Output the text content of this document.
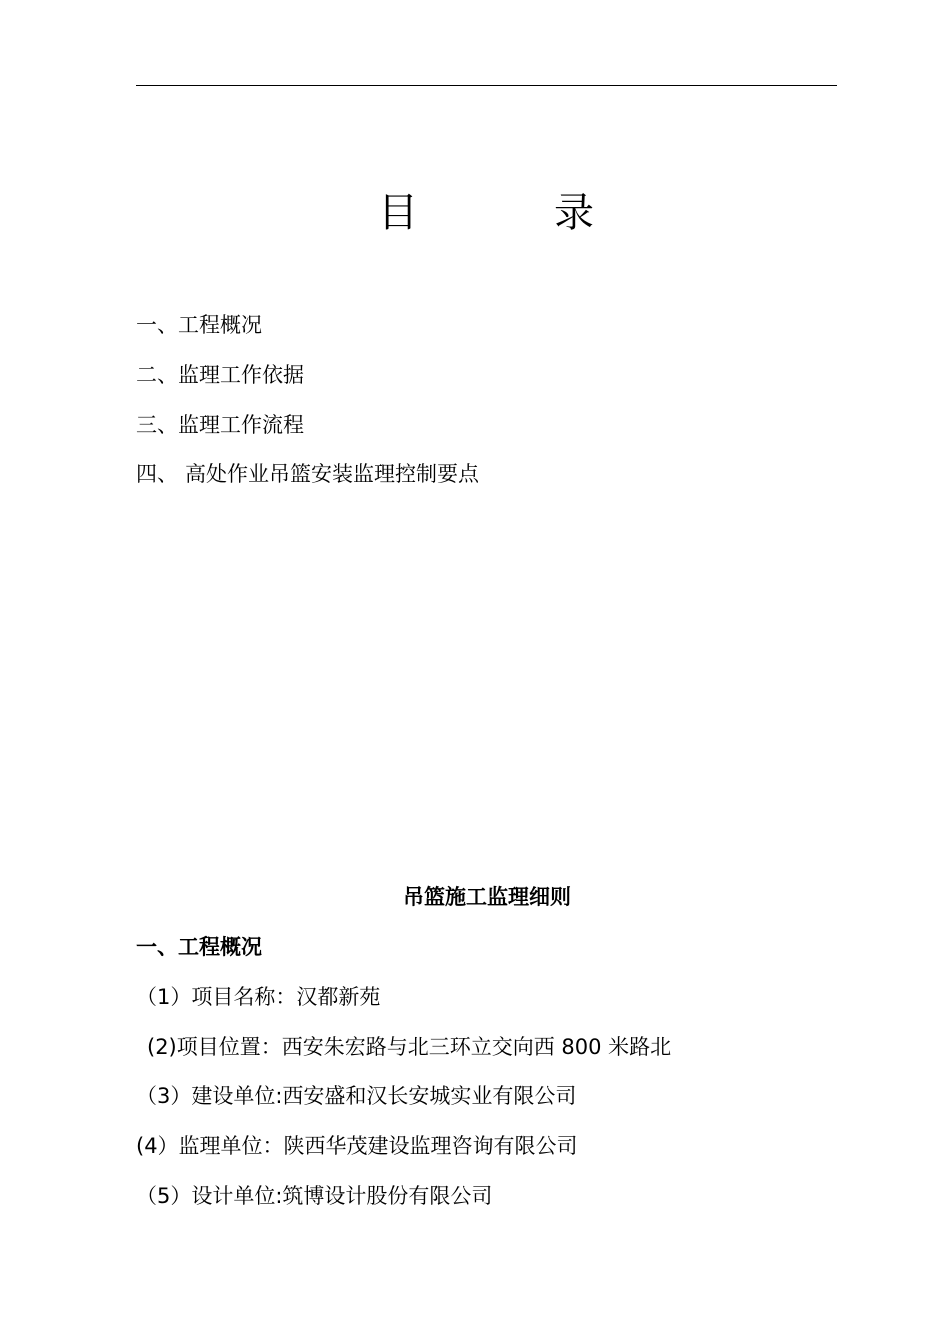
目	录
一、工程概况
二、监理工作依据
三、监理工作流程
四、 高处作业吊篮安装监理控制要点
吊篮施工监理细则
一、工程概况
（1）项目名称：汉都新苑
(2)项目位置：西安朱宏路与北三环立交向西 800 米路北
（3）建设单位:西安盛和汉长安城实业有限公司
(4）监理单位：陕西华茂建设监理咨询有限公司
（5）设计单位:筑博设计股份有限公司
